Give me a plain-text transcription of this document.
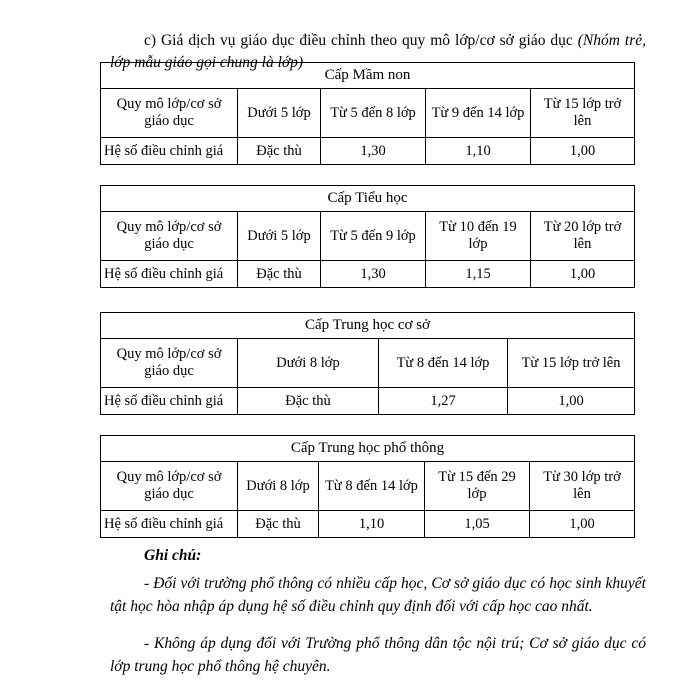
c) Giá dịch vụ giáo dục điều chỉnh theo quy mô lớp/cơ sở giáo dục (Nhóm trẻ, lớp mẫu giáo gọi chung là lớp)

Cấp Mầm non				
Quy mô lớp/cơ sở giáo dục	Dưới 5 lớp	Từ 5 đến 8 lớp	Từ 9 đến 14 lớp	Từ 15 lớp trở lên
Hệ số điều chỉnh giá	Đặc thù	1,30	1,10	1,00
Cấp Tiểu học				
Quy mô lớp/cơ sở giáo dục	Dưới 5 lớp	Từ 5 đến 9 lớp	Từ 10 đến 19 lớp	Từ 20 lớp trở lên
Hệ số điều chỉnh giá	Đặc thù	1,30	1,15	1,00
Cấp Trung học cơ sở			
Quy mô lớp/cơ sở giáo dục	Dưới 8 lớp	Từ 8 đến 14 lớp	Từ 15 lớp trở lên
Hệ số điều chỉnh giá	Đặc thù	1,27	1,00
Cấp Trung học phổ thông				
Quy mô lớp/cơ sở giáo dục	Dưới 8 lớp	Từ 8 đến 14 lớp	Từ 15 đến 29 lớp	Từ 30 lớp trở lên
Hệ số điều chỉnh giá	Đặc thù	1,10	1,05	1,00
Ghi chú:

- Đối với trường phổ thông có nhiều cấp học, Cơ sở giáo dục có học sinh khuyết tật học hòa nhập áp dụng hệ số điều chỉnh quy định đối với cấp học cao nhất.

- Không áp dụng đối với Trường phổ thông dân tộc nội trú; Cơ sở giáo dục có lớp trung học phổ thông hệ chuyên.
